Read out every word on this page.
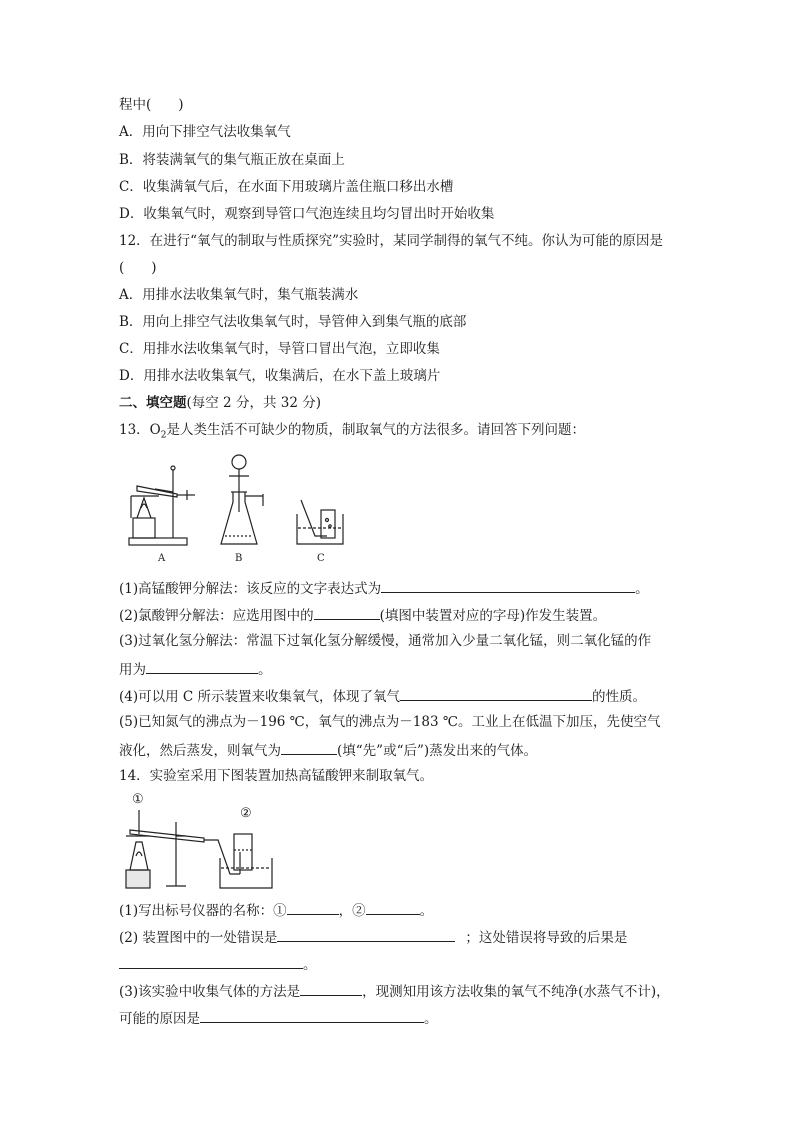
程中(　　)
A．用向下排空气法收集氧气
B．将装满氧气的集气瓶正放在桌面上
C．收集满氧气后，在水面下用玻璃片盖住瓶口移出水槽
D．收集氧气时，观察到导管口气泡连续且均匀冒出时开始收集
12．在进行“氧气的制取与性质探究”实验时，某同学制得的氧气不纯。你认为可能的原因是
(　　)
A．用排水法收集氧气时，集气瓶装满水
B．用向上排空气法收集氧气时，导管伸入到集气瓶的底部
C．用排水法收集氧气时，导管口冒出气泡，立即收集
D．用排水法收集氧气，收集满后，在水下盖上玻璃片
二、填空题(每空 2 分，共 32 分)
13．$O_2$是人类生活不可缺少的物质，制取氧气的方法很多。请回答下列问题：
A	B	C
(1)高锰酸钾分解法：该反应的文字表达式为	。
(2)氯酸钾分解法：应选用图中的	(填图中装置对应的字母)作发生装置。
(3)过氧化氢分解法：常温下过氧化氢分解缓慢，通常加入少量二氧化锰，则二氧化锰的作
用为	。
(4)可以用 C 所示装置来收集氧气，体现了氧气	的性质。
(5)已知氮气的沸点为－196 ℃，氧气的沸点为－183 ℃。工业上在低温下加压，先使空气
液化，然后蒸发，则氧气为	(填“先”或“后”)蒸发出来的气体。
14．实验室采用下图装置加热高锰酸钾来制取氧气。
①
②
(1)写出标号仪器的名称：①	，②	。
(2) 装置图中的一处错误是	；这处错误将导致的后果是
。
(3)该实验中收集气体的方法是	，现测知用该方法收集的氧气不纯净(水蒸气不计)，
可能的原因是	。
